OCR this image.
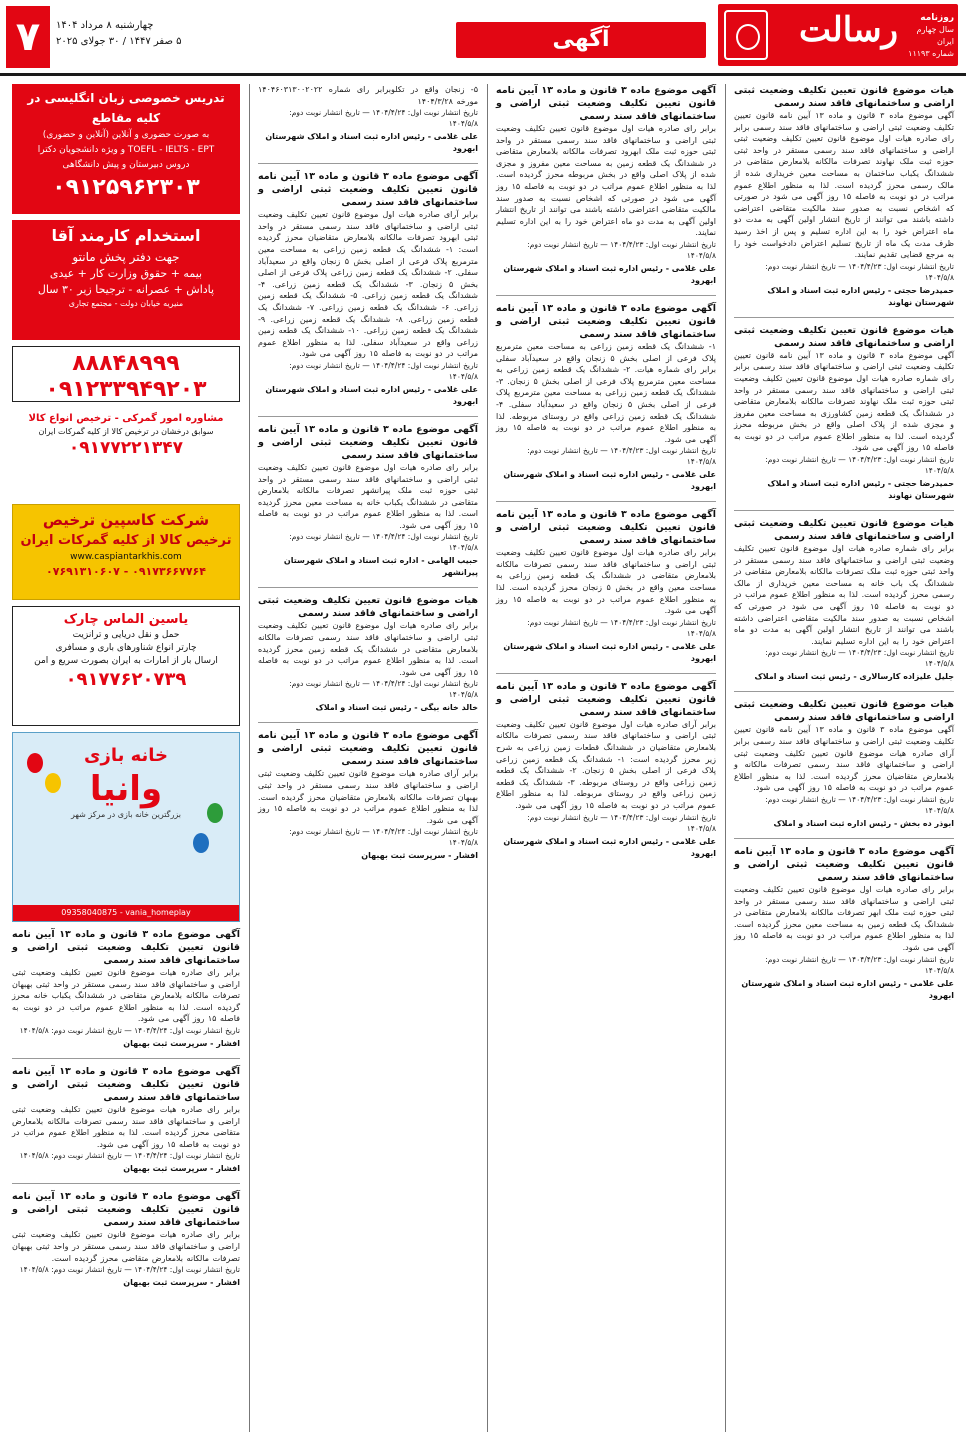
روزنامه
سال چهارم
ایران
شماره ۱۱۱۹۳
رسالت
آگهی
چهارشنبه ۸ مرداد ۱۴۰۴
۵ صفر ۱۴۴۷ / ۳۰ جولای ۲۰۲۵
۷
هیات موضوع قانون تعیین تکلیف وضعیت ثبتی اراضی و ساختمانهای فاقد سند رسمی
آگهی موضوع ماده ۳ قانون و ماده ۱۳ آیین نامه قانون تعیین تکلیف وضعیت ثبتی اراضی و ساختمانهای فاقد سند رسمی برابر رای صادره هیات اول موضوع قانون تعیین تکلیف وضعیت ثبتی اراضی و ساختمانهای فاقد سند رسمی مستقر در واحد ثبتی حوزه ثبت ملک نهاوند تصرفات مالکانه بلامعارض متقاضی در ششدانگ یکباب ساختمان به مساحت معین خریداری شده از مالک رسمی محرز گردیده است. لذا به منظور اطلاع عموم مراتب در دو نوبت به فاصله ۱۵ روز آگهی می شود در صورتی که اشخاص نسبت به صدور سند مالکیت متقاضی اعتراضی داشته باشند می توانند از تاریخ انتشار اولین آگهی به مدت دو ماه اعتراض خود را به این اداره تسلیم و پس از اخذ رسید ظرف مدت یک ماه از تاریخ تسلیم اعتراض دادخواست خود را به مرجع قضایی تقدیم نمایند.
تاریخ انتشار نوبت اول: ۱۴۰۴/۴/۲۳ — تاریخ انتشار نوبت دوم: ۱۴۰۴/۵/۸
حمیدرضا حجتی - رئیس اداره ثبت اسناد و املاک شهرستان نهاوند
هیات موضوع قانون تعیین تکلیف وضعیت ثبتی اراضی و ساختمانهای فاقد سند رسمی
آگهی موضوع ماده ۳ قانون و ماده ۱۳ آیین نامه قانون تعیین تکلیف وضعیت ثبتی اراضی و ساختمانهای فاقد سند رسمی برابر رای شماره صادره هیات اول موضوع قانون تعیین تکلیف وضعیت ثبتی اراضی و ساختمانهای فاقد سند رسمی مستقر در واحد ثبتی حوزه ثبت ملک نهاوند تصرفات مالکانه بلامعارض متقاضی در ششدانگ یک قطعه زمین کشاورزی به مساحت معین مفروز و مجزی شده از پلاک اصلی واقع در بخش مربوطه محرز گردیده است. لذا به منظور اطلاع عموم مراتب در دو نوبت به فاصله ۱۵ روز آگهی می شود.
تاریخ انتشار نوبت اول: ۱۴۰۴/۴/۲۳ — تاریخ انتشار نوبت دوم: ۱۴۰۴/۵/۸
حمیدرضا حجتی - رئیس اداره ثبت اسناد و املاک شهرستان نهاوند
هیات موضوع قانون تعیین تکلیف وضعیت ثبتی اراضی و ساختمانهای فاقد سند رسمی
برابر رای شماره صادره هیات اول موضوع قانون تعیین تکلیف وضعیت ثبتی اراضی و ساختمانهای فاقد سند رسمی مستقر در واحد ثبتی حوزه ثبت ملک تصرفات مالکانه بلامعارض متقاضی در ششدانگ یک باب خانه به مساحت معین خریداری از مالک رسمی محرز گردیده است. لذا به منظور اطلاع عموم مراتب در دو نوبت به فاصله ۱۵ روز آگهی می شود در صورتی که اشخاص نسبت به صدور سند مالکیت متقاضی اعتراضی داشته باشند می توانند از تاریخ انتشار اولین آگهی به مدت دو ماه اعتراض خود را به این اداره تسلیم نمایند.
تاریخ انتشار نوبت اول: ۱۴۰۴/۴/۲۳ — تاریخ انتشار نوبت دوم: ۱۴۰۴/۵/۸
جلیل علیزاده کارسالاری - رئیس ثبت اسناد و املاک
هیات موضوع قانون تعیین تکلیف وضعیت ثبتی اراضی و ساختمانهای فاقد سند رسمی
آگهی موضوع ماده ۳ قانون و ماده ۱۳ آیین نامه قانون تعیین تکلیف وضعیت ثبتی اراضی و ساختمانهای فاقد سند رسمی برابر آرای صادره هیات موضوع قانون تعیین تکلیف وضعیت ثبتی اراضی و ساختمانهای فاقد سند رسمی تصرفات مالکانه و بلامعارض متقاضیان محرز گردیده است. لذا به منظور اطلاع عموم مراتب در دو نوبت به فاصله ۱۵ روز آگهی می شود.
تاریخ انتشار نوبت اول: ۱۴۰۴/۴/۲۳ — تاریخ انتشار نوبت دوم: ۱۴۰۴/۵/۸
ابوذر ده بخش - رئیس اداره ثبت اسناد و املاک
آگهی موضوع ماده ۳ قانون و ماده ۱۳ آیین نامه قانون تعیین تکلیف وضعیت ثبتی اراضی و ساختمانهای فاقد سند رسمی
برابر رای صادره هیات اول موضوع قانون تعیین تکلیف وضعیت ثبتی اراضی و ساختمانهای فاقد سند رسمی مستقر در واحد ثبتی حوزه ثبت ملک ابهر تصرفات مالکانه بلامعارض متقاضی در ششدانگ یک قطعه زمین به مساحت معین محرز گردیده است. لذا به منظور اطلاع عموم مراتب در دو نوبت به فاصله ۱۵ روز آگهی می شود.
تاریخ انتشار نوبت اول: ۱۴۰۴/۴/۲۳ — تاریخ انتشار نوبت دوم: ۱۴۰۴/۵/۸
علی غلامی - رئیس اداره ثبت اسناد و املاک شهرستان ابهرود
آگهی موضوع ماده ۳ قانون و ماده ۱۳ آیین نامه قانون تعیین تکلیف وضعیت ثبتی اراضی و ساختمانهای فاقد سند رسمی
برابر رای صادره هیات اول موضوع قانون تعیین تکلیف وضعیت ثبتی اراضی و ساختمانهای فاقد سند رسمی مستقر در واحد ثبتی حوزه ثبت ملک ابهرود تصرفات مالکانه بلامعارض متقاضی در ششدانگ یک قطعه زمین به مساحت معین مفروز و مجزی شده از پلاک اصلی واقع در بخش مربوطه محرز گردیده است. لذا به منظور اطلاع عموم مراتب در دو نوبت به فاصله ۱۵ روز آگهی می شود در صورتی که اشخاص نسبت به صدور سند مالکیت متقاضی اعتراضی داشته باشند می توانند از تاریخ انتشار اولین آگهی به مدت دو ماه اعتراض خود را به این اداره تسلیم نمایند.
تاریخ انتشار نوبت اول: ۱۴۰۴/۴/۲۳ — تاریخ انتشار نوبت دوم: ۱۴۰۴/۵/۸
علی غلامی - رئیس اداره ثبت اسناد و املاک شهرستان ابهرود
آگهی موضوع ماده ۳ قانون و ماده ۱۳ آیین نامه قانون تعیین تکلیف وضعیت ثبتی اراضی و ساختمانهای فاقد سند رسمی
۱- ششدانگ یک قطعه زمین زراعی به مساحت معین مترمربع پلاک فرعی از اصلی بخش ۵ زنجان واقع در سعیدآباد سفلی برابر رای شماره هیات. ۲- ششدانگ یک قطعه زمین زراعی به مساحت معین مترمربع پلاک فرعی از اصلی بخش ۵ زنجان. ۳- ششدانگ یک قطعه زمین زراعی به مساحت معین مترمربع پلاک فرعی از اصلی بخش ۵ زنجان واقع در سعیدآباد سفلی. ۴- ششدانگ یک قطعه زمین زراعی واقع در روستای مربوطه. لذا به منظور اطلاع عموم مراتب در دو نوبت به فاصله ۱۵ روز آگهی می شود.
تاریخ انتشار نوبت اول: ۱۴۰۴/۴/۲۳ — تاریخ انتشار نوبت دوم: ۱۴۰۴/۵/۸
علی غلامی - رئیس اداره ثبت اسناد و املاک شهرستان ابهرود
آگهی موضوع ماده ۳ قانون و ماده ۱۳ آیین نامه قانون تعیین تکلیف وضعیت ثبتی اراضی و ساختمانهای فاقد سند رسمی
برابر رای صادره هیات اول موضوع قانون تعیین تکلیف وضعیت ثبتی اراضی و ساختمانهای فاقد سند رسمی تصرفات مالکانه بلامعارض متقاضی در ششدانگ یک قطعه زمین زراعی به مساحت معین واقع در بخش ۵ زنجان محرز گردیده است. لذا به منظور اطلاع عموم مراتب در دو نوبت به فاصله ۱۵ روز آگهی می شود.
تاریخ انتشار نوبت اول: ۱۴۰۴/۴/۲۳ — تاریخ انتشار نوبت دوم: ۱۴۰۴/۵/۸
علی غلامی - رئیس اداره ثبت اسناد و املاک شهرستان ابهرود
آگهی موضوع ماده ۳ قانون و ماده ۱۳ آیین نامه قانون تعیین تکلیف وضعیت ثبتی اراضی و ساختمانهای فاقد سند رسمی
برابر آرای صادره هیات اول موضوع قانون تعیین تکلیف وضعیت ثبتی اراضی و ساختمانهای فاقد سند رسمی تصرفات مالکانه بلامعارض متقاضیان در ششدانگ قطعات زمین زراعی به شرح زیر محرز گردیده است: ۱- ششدانگ یک قطعه زمین زراعی پلاک فرعی از اصلی بخش ۵ زنجان. ۲- ششدانگ یک قطعه زمین زراعی واقع در روستای مربوطه. ۳- ششدانگ یک قطعه زمین زراعی واقع در روستای مربوطه. لذا به منظور اطلاع عموم مراتب در دو نوبت به فاصله ۱۵ روز آگهی می شود.
تاریخ انتشار نوبت اول: ۱۴۰۴/۴/۲۳ — تاریخ انتشار نوبت دوم: ۱۴۰۴/۵/۸
علی غلامی - رئیس اداره ثبت اسناد و املاک شهرستان ابهرود
۵- زنجان واقع در تکلوبرابر رای شماره ۱۴۰۴۶۰۳۱۳۰۰۲۰۲۲ مورخه ۱۴۰۴/۳/۲۸
تاریخ انتشار نوبت اول: ۱۴۰۴/۴/۲۴ — تاریخ انتشار نوبت دوم: ۱۴۰۴/۵/۸
علی غلامی - رئیس اداره ثبت اسناد و املاک شهرستان ابهرود
آگهی موضوع ماده ۳ قانون و ماده ۱۳ آیین نامه قانون تعیین تکلیف وضعیت ثبتی اراضی و ساختمانهای فاقد سند رسمی
برابر آرای صادره هیات اول موضوع قانون تعیین تکلیف وضعیت ثبتی اراضی و ساختمانهای فاقد سند رسمی مستقر در واحد ثبتی ابهرود تصرفات مالکانه بلامعارض متقاضیان محرز گردیده است: ۱- ششدانگ یک قطعه زمین زراعی به مساحت معین مترمربع پلاک فرعی از اصلی بخش ۵ زنجان واقع در سعیدآباد سفلی. ۲- ششدانگ یک قطعه زمین زراعی پلاک فرعی از اصلی بخش ۵ زنجان. ۳- ششدانگ یک قطعه زمین زراعی. ۴- ششدانگ یک قطعه زمین زراعی. ۵- ششدانگ یک قطعه زمین زراعی. ۶- ششدانگ یک قطعه زمین زراعی. ۷- ششدانگ یک قطعه زمین زراعی. ۸- ششدانگ یک قطعه زمین زراعی. ۹- ششدانگ یک قطعه زمین زراعی. ۱۰- ششدانگ یک قطعه زمین زراعی واقع در سعیدآباد سفلی. لذا به منظور اطلاع عموم مراتب در دو نوبت به فاصله ۱۵ روز آگهی می شود.
تاریخ انتشار نوبت اول: ۱۴۰۴/۴/۲۴ — تاریخ انتشار نوبت دوم: ۱۴۰۴/۵/۸
علی غلامی - رئیس اداره ثبت اسناد و املاک شهرستان ابهرود
آگهی موضوع ماده ۳ قانون و ماده ۱۳ آیین نامه قانون تعیین تکلیف وضعیت ثبتی اراضی و ساختمانهای فاقد سند رسمی
برابر رای صادره هیات اول موضوع قانون تعیین تکلیف وضعیت ثبتی اراضی و ساختمانهای فاقد سند رسمی مستقر در واحد ثبتی حوزه ثبت ملک پیرانشهر تصرفات مالکانه بلامعارض متقاضی در ششدانگ یکباب خانه به مساحت معین محرز گردیده است. لذا به منظور اطلاع عموم مراتب در دو نوبت به فاصله ۱۵ روز آگهی می شود.
تاریخ انتشار نوبت اول: ۱۴۰۴/۴/۲۴ — تاریخ انتشار نوبت دوم: ۱۴۰۴/۵/۸
حبیب الهامی - اداره ثبت اسناد و املاک شهرستان پیرانشهر
هیات موضوع قانون تعیین تکلیف وضعیت ثبتی اراضی و ساختمانهای فاقد سند رسمی
برابر رای صادره هیات اول موضوع قانون تعیین تکلیف وضعیت ثبتی اراضی و ساختمانهای فاقد سند رسمی تصرفات مالکانه بلامعارض متقاضی در ششدانگ یک قطعه زمین محرز گردیده است. لذا به منظور اطلاع عموم مراتب در دو نوبت به فاصله ۱۵ روز آگهی می شود.
تاریخ انتشار نوبت اول: ۱۴۰۴/۴/۲۴ — تاریخ انتشار نوبت دوم: ۱۴۰۴/۵/۸
خالد خانه بیگی - رئیس ثبت اسناد و املاک
آگهی موضوع ماده ۳ قانون و ماده ۱۳ آیین نامه قانون تعیین تکلیف وضعیت ثبتی اراضی و ساختمانهای فاقد سند رسمی
برابر آرای صادره هیات موضوع قانون تعیین تکلیف وضعیت ثبتی اراضی و ساختمانهای فاقد سند رسمی مستقر در واحد ثبتی بهبهان تصرفات مالکانه بلامعارض متقاضیان محرز گردیده است. لذا به منظور اطلاع عموم مراتب در دو نوبت به فاصله ۱۵ روز آگهی می شود.
تاریخ انتشار نوبت اول: ۱۴۰۴/۴/۲۴ — تاریخ انتشار نوبت دوم: ۱۴۰۴/۵/۸
افشار - سرپرست ثبت بهبهان
تدریس خصوصی زبان انگلیسی در کلیه مقاطع
به صورت حضوری و آنلاین (آنلاین و حضوری)
TOEFL - IELTS - EPT و ویژه دانشجویان دکترا
دروس دبیرستان و پیش دانشگاهی
۰۹۱۲۵۹۶۲۳۰۳
استخدام کارمند آقا
جهت دفتر پخش مانتو
بیمه + حقوق وزارت کار + عیدی
پاداش + عصرانه - ترجیحا زیر ۳۰ سال
منیریه خیابان دولت - مجتمع تجاری
۸۸۸۴۸۹۹۹
۰۹۱۲۳۳۹۴۹۲۰۳
مشاوره امور گمرکی - ترخیص انواع کالا
سوابق درخشان در ترخیص کالا از کلیه گمرکات ایران
۰۹۱۷۷۲۲۱۳۴۷
شرکت کاسپین ترخیص
ترخیص کالا از کلیه گمرکات ایران
www.caspiantarkhis.com
۰۹۱۷۳۶۶۷۷۶۴ - ۰۷۶۹۱۳۱۰۶۰۷
یاسین الماس چارک
حمل و نقل دریایی و ترانزیت
چارتر انواع شناورهای باری و مسافری
ارسال بار از امارات به ایران بصورت سریع و امن
۰۹۱۷۷۶۲۰۷۳۹
خانه بازی
وانیا
بزرگترین خانه بازی در مرکز شهر
09358040875 - vania_homeplay
آگهی موضوع ماده ۳ قانون و ماده ۱۳ آیین نامه قانون تعیین تکلیف وضعیت ثبتی اراضی و ساختمانهای فاقد سند رسمی
برابر رای صادره هیات موضوع قانون تعیین تکلیف وضعیت ثبتی اراضی و ساختمانهای فاقد سند رسمی مستقر در واحد ثبتی بهبهان تصرفات مالکانه بلامعارض متقاضی در ششدانگ یکباب خانه محرز گردیده است. لذا به منظور اطلاع عموم مراتب در دو نوبت به فاصله ۱۵ روز آگهی می شود.
تاریخ انتشار نوبت اول: ۱۴۰۴/۴/۲۴ — تاریخ انتشار نوبت دوم: ۱۴۰۴/۵/۸
افشار - سرپرست ثبت بهبهان
آگهی موضوع ماده ۳ قانون و ماده ۱۳ آیین نامه قانون تعیین تکلیف وضعیت ثبتی اراضی و ساختمانهای فاقد سند رسمی
برابر رای صادره هیات موضوع قانون تعیین تکلیف وضعیت ثبتی اراضی و ساختمانهای فاقد سند رسمی تصرفات مالکانه بلامعارض متقاضی محرز گردیده است. لذا به منظور اطلاع عموم مراتب در دو نوبت به فاصله ۱۵ روز آگهی می شود.
تاریخ انتشار نوبت اول: ۱۴۰۴/۴/۲۴ — تاریخ انتشار نوبت دوم: ۱۴۰۴/۵/۸
افشار - سرپرست ثبت بهبهان
آگهی موضوع ماده ۳ قانون و ماده ۱۳ آیین نامه قانون تعیین تکلیف وضعیت ثبتی اراضی و ساختمانهای فاقد سند رسمی
برابر رای صادره هیات موضوع قانون تعیین تکلیف وضعیت ثبتی اراضی و ساختمانهای فاقد سند رسمی مستقر در واحد ثبتی بهبهان تصرفات مالکانه بلامعارض متقاضی محرز گردیده است.
تاریخ انتشار نوبت اول: ۱۴۰۴/۴/۲۴ — تاریخ انتشار نوبت دوم: ۱۴۰۴/۵/۸
افشار - سرپرست ثبت بهبهان
